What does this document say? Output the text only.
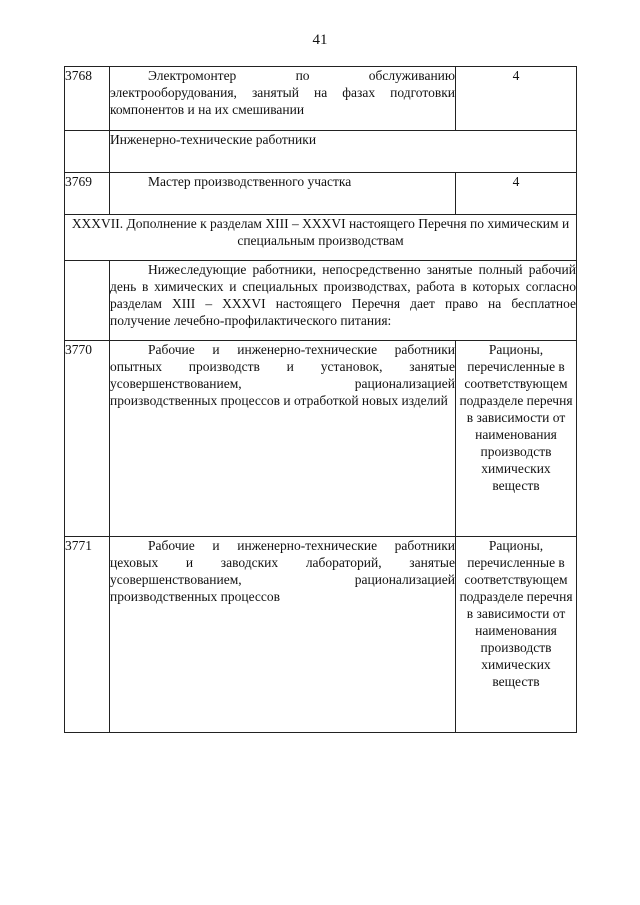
41
3768	Электромонтер по обслуживанию электрооборудования, занятый на фазах подготовки компонентов и на их смешивании	4
	Инженерно-технические работники	
3769	Мастер производственного участка	4
XXXVII. Дополнение к разделам XIII – XXXVI настоящего Перечня по химическим и специальным производствам		

	Нижеследующие работники, непосредственно занятые полный рабочий день в химических и специальных производствах, работа в которых согласно разделам XIII – XXXVI настоящего Перечня дает право на бесплатное получение лечебно-профилактического питания:	

3770	Рабочие и инженерно-технические работники опытных производств и установок, занятые усовершенствованием, рационализацией производственных процессов и отработкой новых изделий	Рационы, перечисленные в соответствующем подразделе перечня в зависимости от наименования производств химических веществ
3771	Рабочие и инженерно-технические работники цеховых и заводских лабораторий, занятые усовершенствованием, рационализацией производственных процессов	Рационы, перечисленные в соответствующем подразделе перечня в зависимости от наименования производств химических веществ
